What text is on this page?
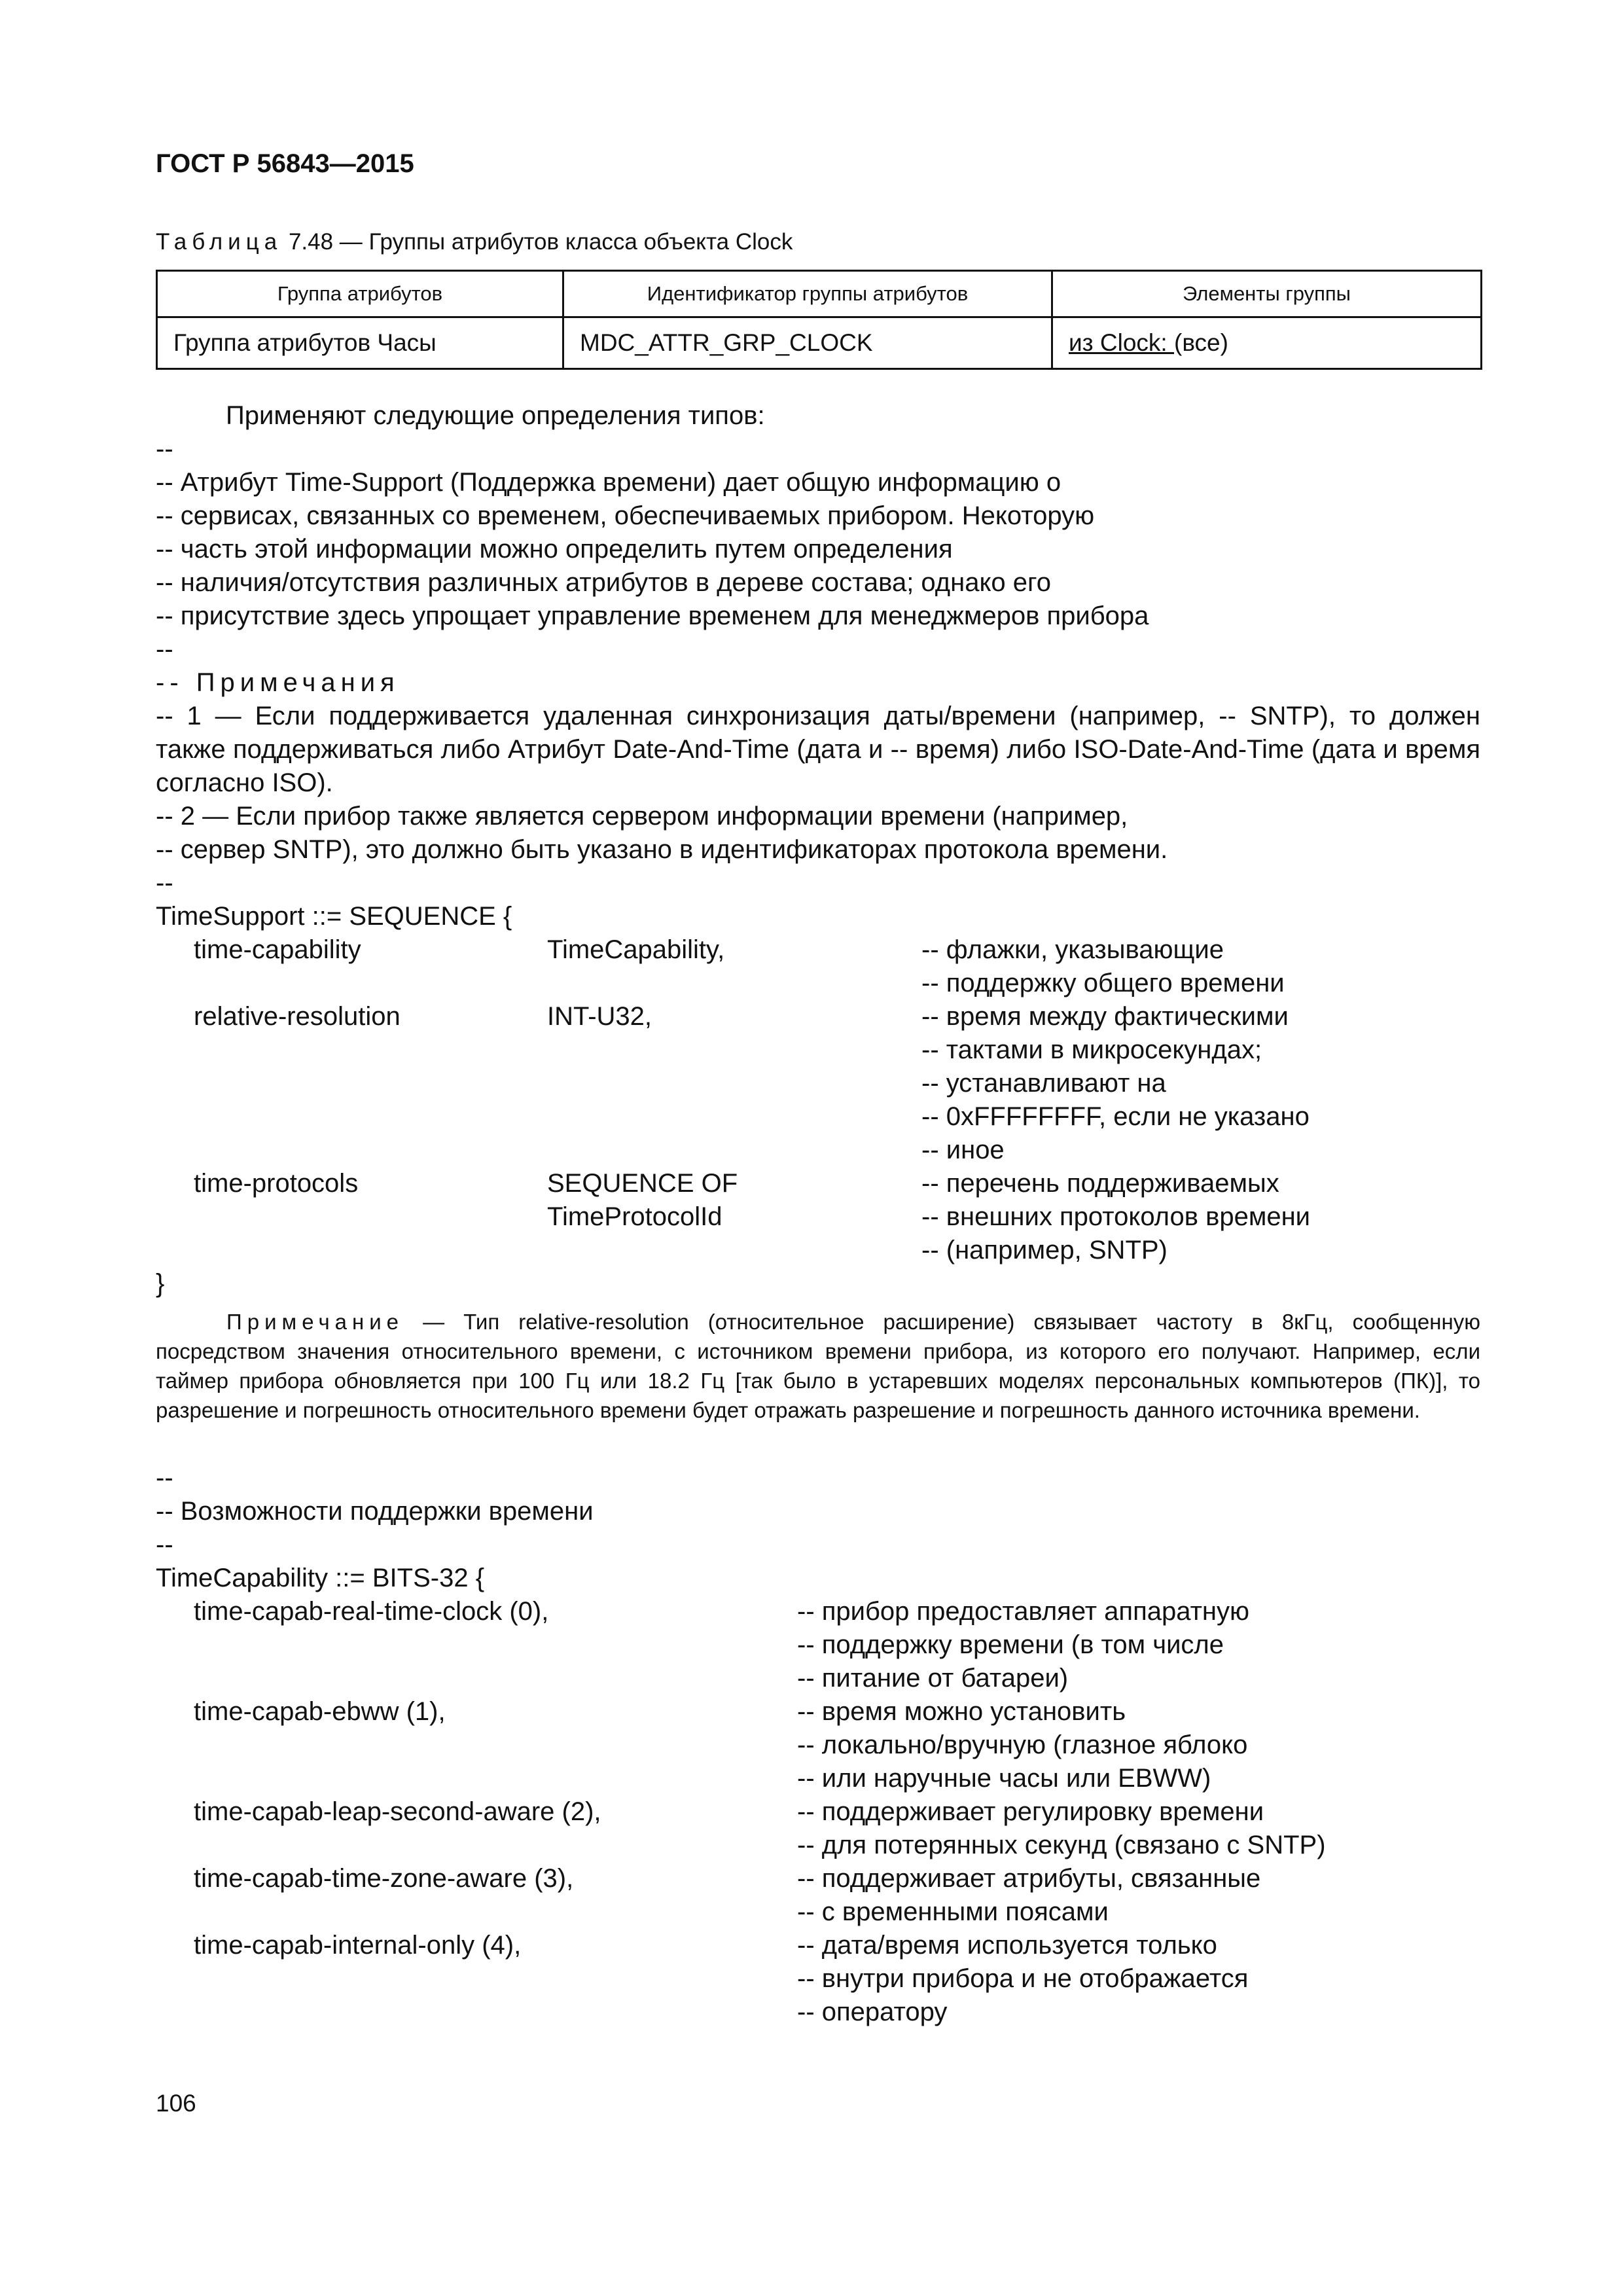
ГОСТ Р 56843—2015
Таблица 7.48 — Группы атрибутов класса объекта Clock
Группа атрибутов	Идентификатор группы атрибутов	Элементы группы
Группа атрибутов Часы	MDC_ATTR_GRP_CLOCK	из Clock: (все)
Применяют следующие определения типов:
--
-- Атрибут Time-Support (Поддержка времени) дает общую информацию о
-- сервисах, связанных со временем, обеспечиваемых прибором. Некоторую
-- часть этой информации можно определить путем определения
-- наличия/отсутствия различных атрибутов в дереве состава; однако его
-- присутствие здесь упрощает управление временем для менеджмеров прибора
--
-- Примечания
-- 1 — Если поддерживается удаленная синхронизация даты/времени (например, -- SNTP), то должен также поддерживаться либо Атрибут Date-And-Time (дата и -- время) либо ISO-Date-And-Time (дата и время согласно ISO).
-- 2 — Если прибор также является сервером информации времени (например,
-- сервер SNTP), это должно быть указано в идентификаторах протокола времени.
--
TimeSupport ::= SEQUENCE {
time-capability	TimeCapability,	-- флажки, указывающие
-- поддержку общего времени
relative-resolution	INT-U32,	-- время между фактическими
-- тактами в микросекундах;
-- устанавливают на
-- 0xFFFFFFFF, если не указано
-- иное
time-protocols	SEQUENCE OF	-- перечень поддерживаемых
TimeProtocolId	-- внешних протоколов времени
-- (например, SNTP)
}
Примечание — Тип relative-resolution (относительное расширение) связывает частоту в 8кГц, сообщенную посредством значения относительного времени, с источником времени прибора, из которого его получают. Например, если таймер прибора обновляется при 100 Гц или 18.2 Гц [так было в устаревших моделях персональных компьютеров (ПК)], то разрешение и погрешность относительного времени будет отражать разрешение и погрешность данного источника времени.
--
-- Возможности поддержки времени
--
TimeCapability ::= BITS-32 {
time-capab-real-time-clock (0),	-- прибор предоставляет аппаратную
-- поддержку времени (в том числе
-- питание от батареи)
time-capab-ebww (1),	-- время можно установить
-- локально/вручную (глазное яблоко
-- или наручные часы или EBWW)
time-capab-leap-second-aware (2),	-- поддерживает регулировку времени
-- для потерянных секунд (связано с SNTP)
time-capab-time-zone-aware (3),	-- поддерживает атрибуты, связанные
-- с временными поясами
time-capab-internal-only (4),	-- дата/время используется только
-- внутри прибора и не отображается
-- оператору
106
